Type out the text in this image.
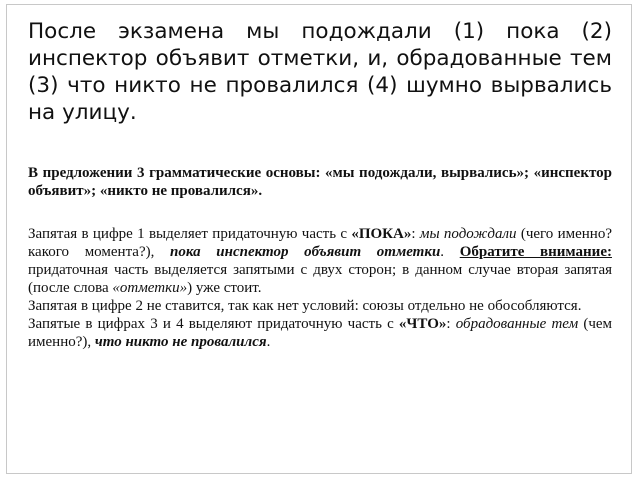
После экзамена мы подождали (1) пока (2) инспектор объявит отметки, и, обрадованные тем (3) что никто не провалился (4) шумно вырвались на улицу.

В предложении 3 грамматические основы: «мы подождали, вырвались»; «инспектор объявит»; «никто не провалился».

Запятая в цифре 1 выделяет придаточную часть с «ПОКА»: мы подождали (чего именно? какого момента?), пока инспектор объявит отметки. Обратите внимание: придаточная часть выделяется запятыми с двух сторон; в данном случае вторая запятая (после слова «отметки») уже стоит.

Запятая в цифре 2 не ставится, так как нет условий: союзы отдельно не обособляются.

Запятые в цифрах 3 и 4 выделяют придаточную часть с «ЧТО»: обрадованные тем (чем именно?), что никто не провалился.
